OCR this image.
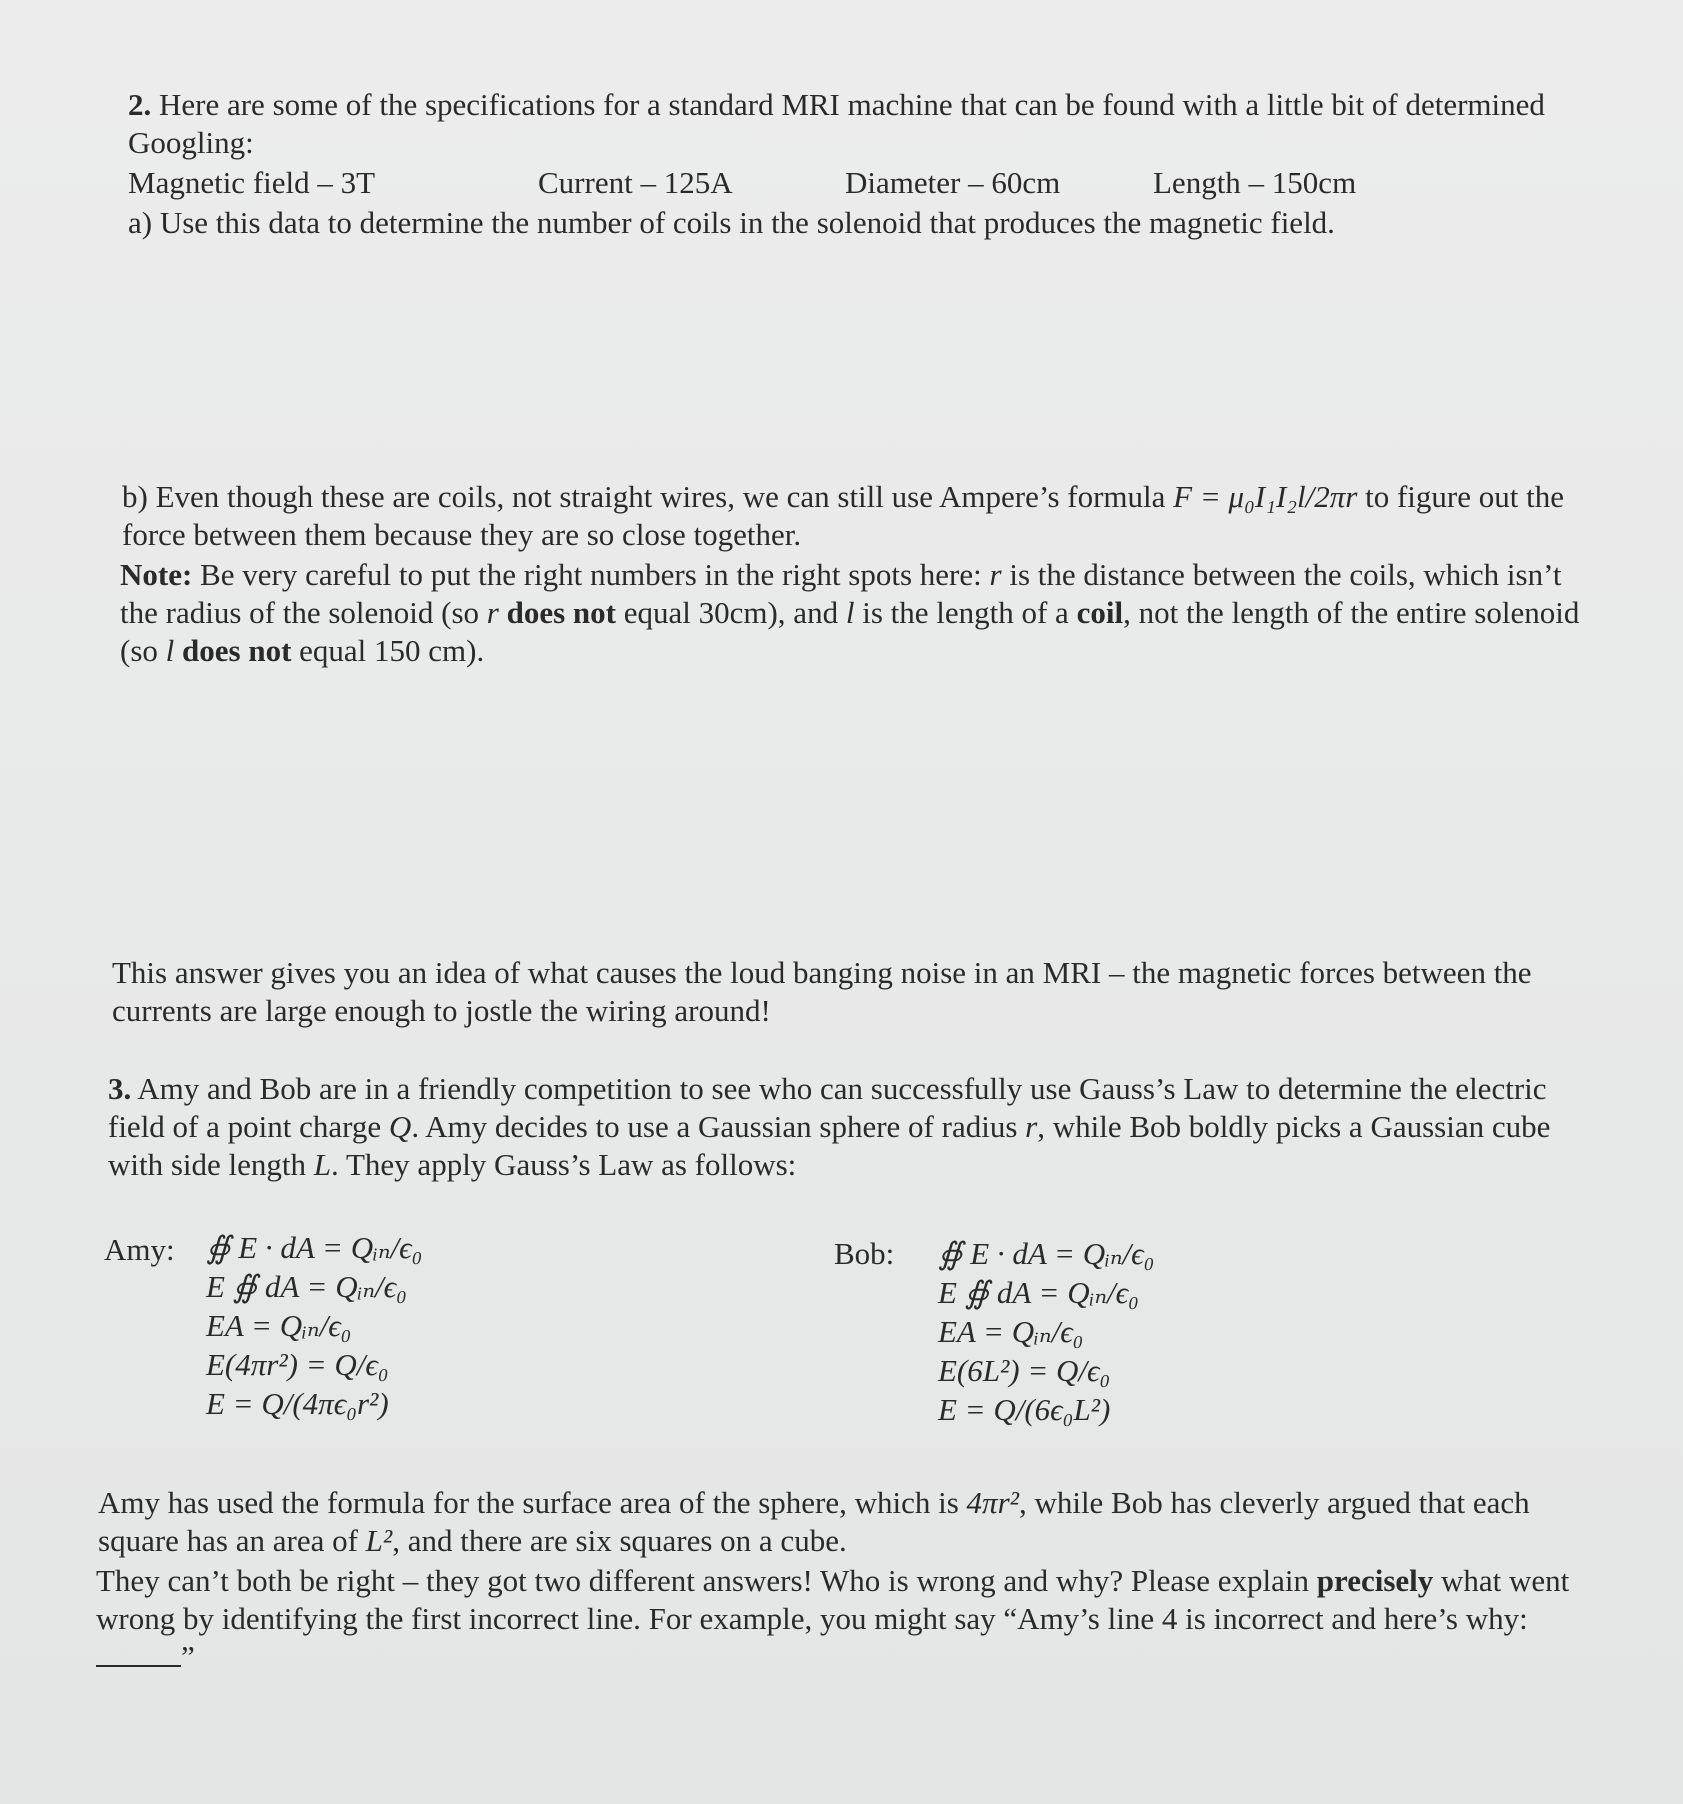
2. Here are some of the specifications for a standard MRI machine that can be found with a little bit of determined Googling:
Magnetic field – 3T	Current – 125A	Diameter – 60cm	Length – 150cm
a) Use this data to determine the number of coils in the solenoid that produces the magnetic field.
b) Even though these are coils, not straight wires, we can still use Ampere’s formula F = μ₀I₁I₂l/2πr to figure out the force between them because they are so close together.
Note: Be very careful to put the right numbers in the right spots here: r is the distance between the coils, which isn’t the radius of the solenoid (so r does not equal 30cm), and l is the length of a coil, not the length of the entire solenoid (so l does not equal 150 cm).
This answer gives you an idea of what causes the loud banging noise in an MRI – the magnetic forces between the currents are large enough to jostle the wiring around!
3. Amy and Bob are in a friendly competition to see who can successfully use Gauss’s Law to determine the electric field of a point charge Q. Amy decides to use a Gaussian sphere of radius r, while Bob boldly picks a Gaussian cube with side length L. They apply Gauss’s Law as follows:
Amy: ∯ E · dA = Qᵢₙ/ϵ₀
E ∯ dA = Qᵢₙ/ϵ₀
EA = Qᵢₙ/ϵ₀
E(4πr²) = Q/ϵ₀
E = Q/(4πϵ₀r²)
Bob: ∯ E · dA = Qᵢₙ/ϵ₀
E ∯ dA = Qᵢₙ/ϵ₀
EA = Qᵢₙ/ϵ₀
E(6L²) = Q/ϵ₀
E = Q/(6ϵ₀L²)
Amy has used the formula for the surface area of the sphere, which is 4πr², while Bob has cleverly argued that each square has an area of L², and there are six squares on a cube.
They can’t both be right – they got two different answers! Who is wrong and why? Please explain precisely what went wrong by identifying the first incorrect line. For example, you might say “Amy’s line 4 is incorrect and here’s why: ”
